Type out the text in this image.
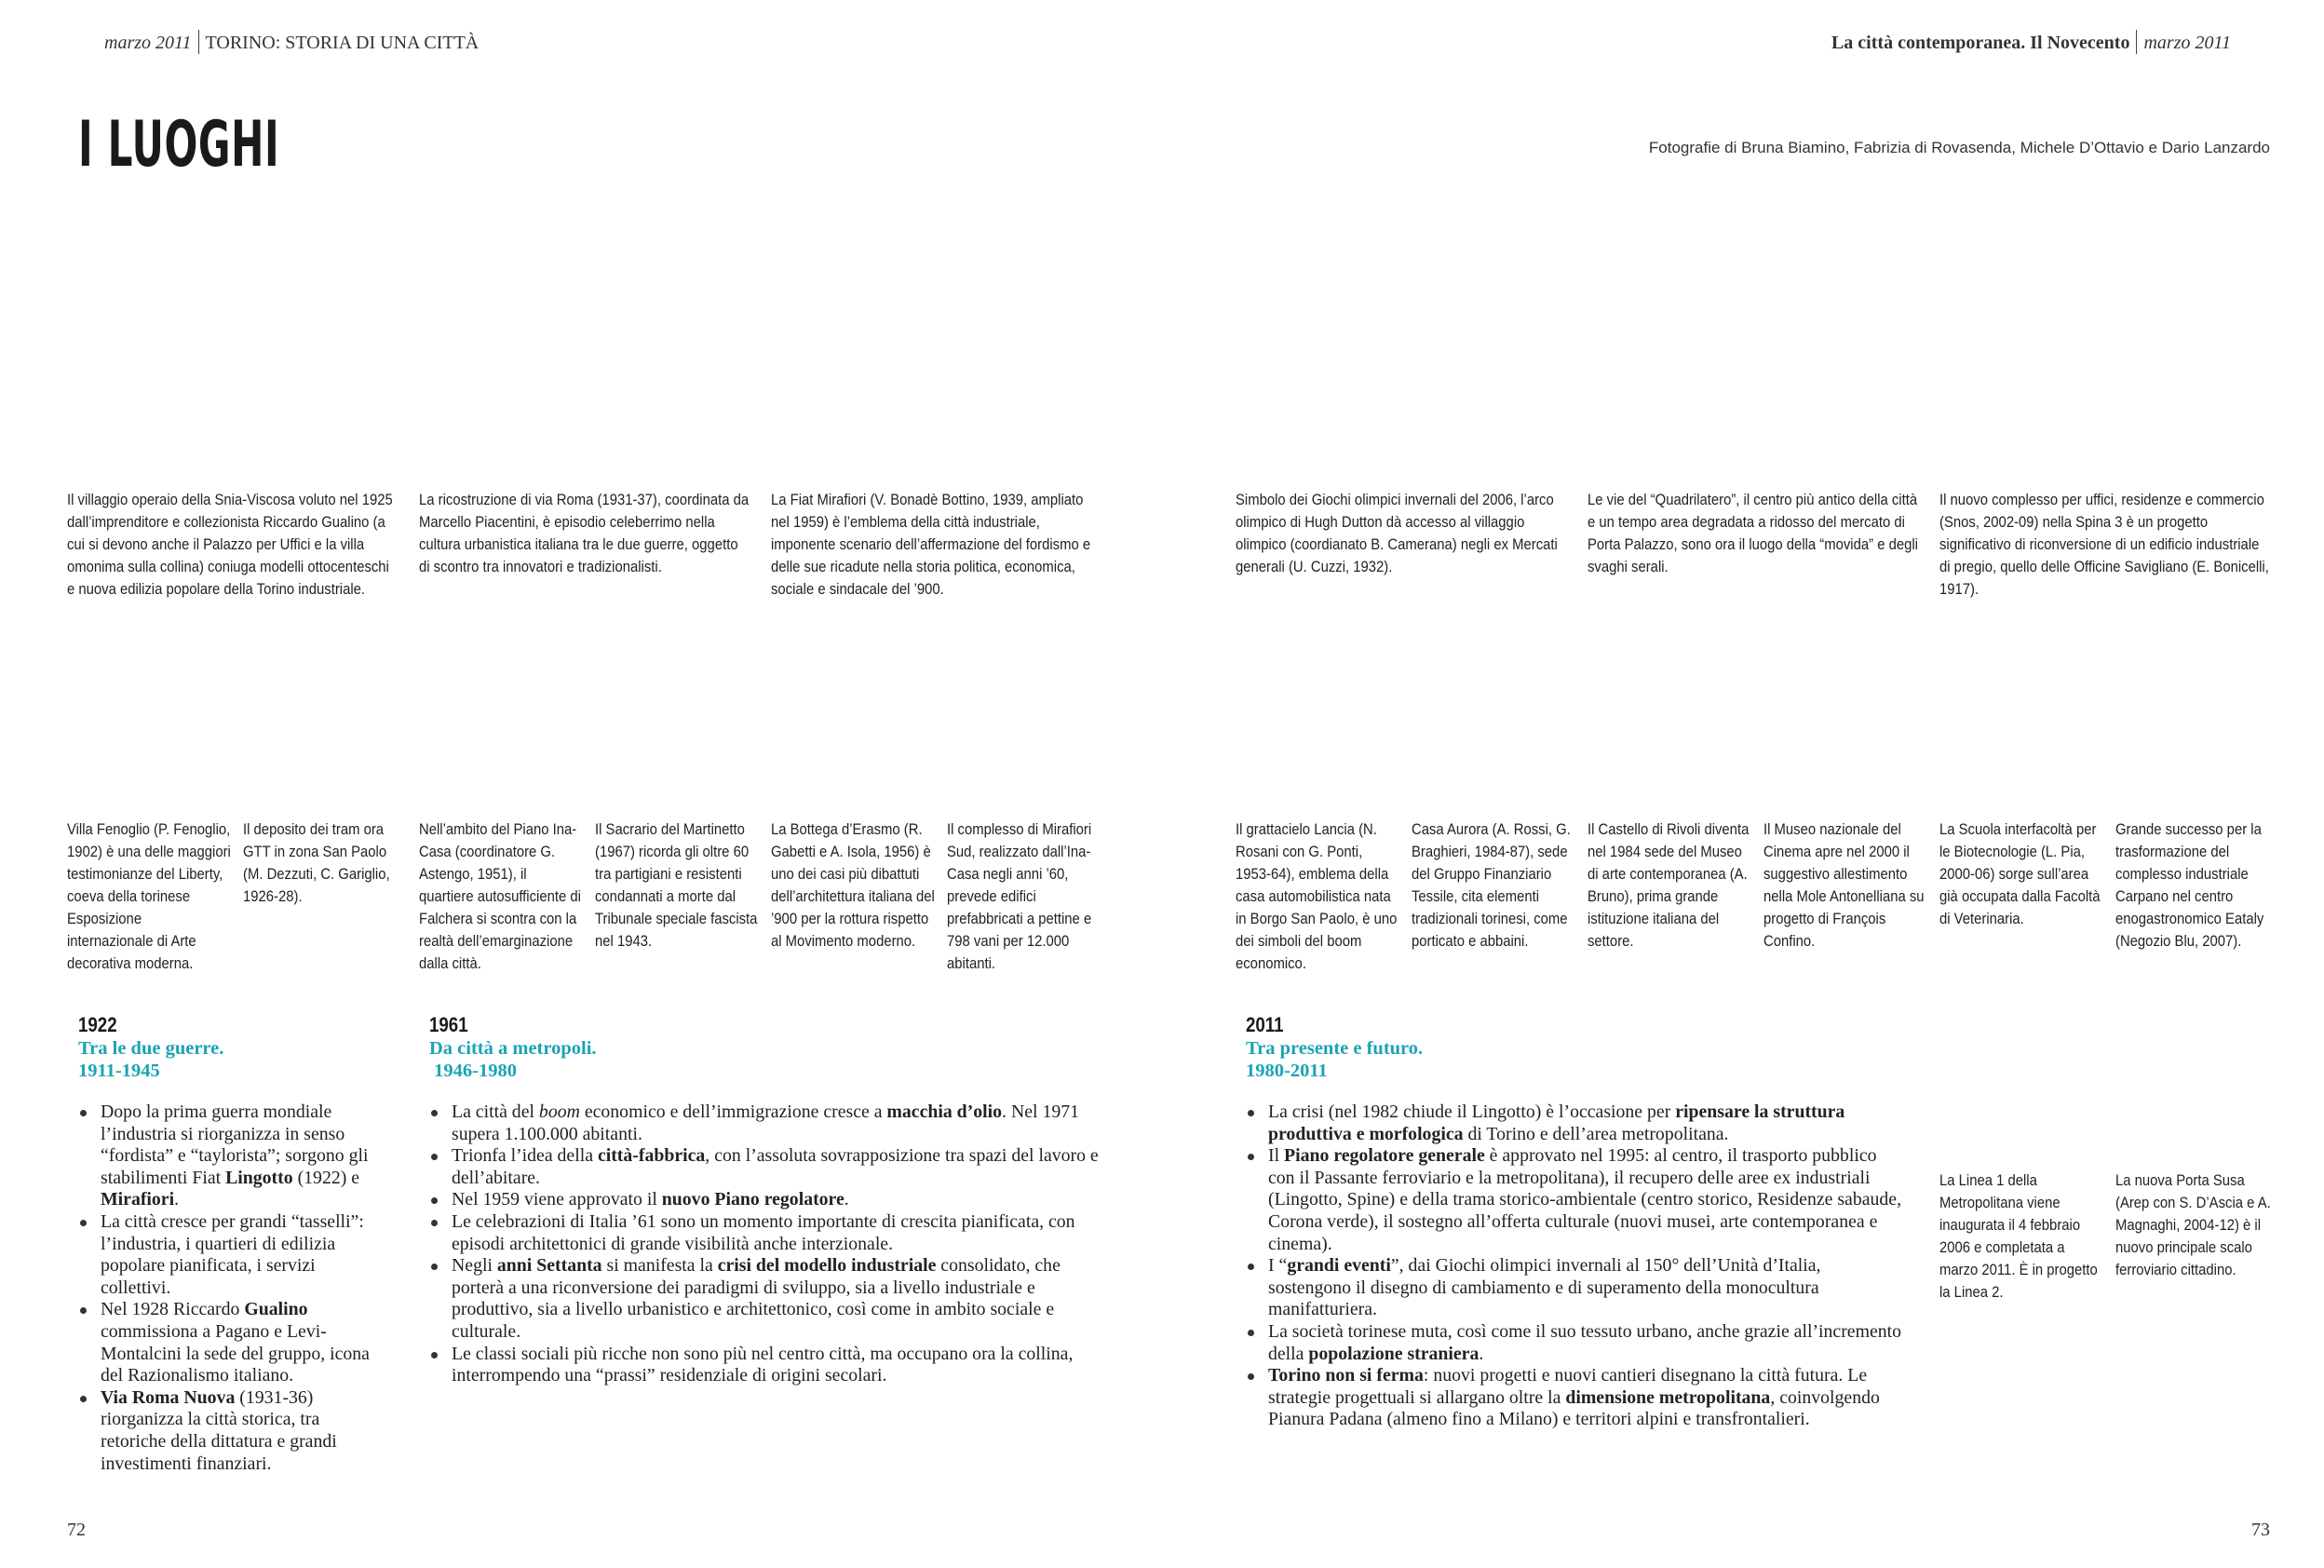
marzo 2011 TORINO: STORIA DI UNA CITTÀ	La città contemporanea. Il Novecento marzo 2011
I LUOGHI	Fotografie di Bruna Biamino, Fabrizia di Rovasenda, Michele D’Ottavio e Dario Lanzardo
Il villaggio operaio della Snia-Viscosa voluto nel 1925 dall’imprenditore e collezionista Riccardo Gualino (a cui si devono anche il Palazzo per Uffici e la villa omonima sulla collina) coniuga modelli ottocenteschi e nuova edilizia popolare della Torino industriale.
La ricostruzione di via Roma (1931-37), coordinata da Marcello Piacentini, è episodio celeberrimo nella cultura urbanistica italiana tra le due guerre, oggetto di scontro tra innovatori e tradizionalisti.
La Fiat Mirafiori (V. Bonadè Bottino, 1939, ampliato nel 1959) è l’emblema della città industriale, imponente scenario dell’affermazione del fordismo e delle sue ricadute nella storia politica, economica, sociale e sindacale del ’900.
Simbolo dei Giochi olimpici invernali del 2006, l’arco olimpico di Hugh Dutton dà accesso al villaggio olimpico (coordianato B. Camerana) negli ex Mercati generali (U. Cuzzi, 1932).
Le vie del “Quadrilatero”, il centro più antico della città e un tempo area degradata a ridosso del mercato di Porta Palazzo, sono ora il luogo della “movida” e degli svaghi serali.
Il nuovo complesso per uffici, residenze e commercio (Snos, 2002-09) nella Spina 3 è un progetto significativo di riconversione di un edificio industriale di pregio, quello delle Officine Savigliano (E. Bonicelli, 1917).
Villa Fenoglio (P. Fenoglio, 1902) è una delle maggiori testimonianze del Liberty, coeva della torinese Esposizione internazionale di Arte decorativa moderna.
Il deposito dei tram ora GTT in zona San Paolo (M. Dezzuti, C. Gariglio, 1926-28).
Nell’ambito del Piano Ina-Casa (coordinatore G. Astengo, 1951), il quartiere autosufficiente di Falchera si scontra con la realtà dell’emarginazione dalla città.
Il Sacrario del Martinetto (1967) ricorda gli oltre 60 tra partigiani e resistenti condannati a morte dal Tribunale speciale fascista nel 1943.
La Bottega d’Erasmo (R. Gabetti e A. Isola, 1956) è uno dei casi più dibattuti dell’architettura italiana del ’900 per la rottura rispetto al Movimento moderno.
Il complesso di Mirafiori Sud, realizzato dall’Ina-Casa negli anni ’60, prevede edifici prefabbricati a pettine e 798 vani per 12.000 abitanti.
Il grattacielo Lancia (N. Rosani con G. Ponti, 1953-64), emblema della casa automobilistica nata in Borgo San Paolo, è uno dei simboli del boom economico.
Casa Aurora (A. Rossi, G. Braghieri, 1984-87), sede del Gruppo Finanziario Tessile, cita elementi tradizionali torinesi, come porticato e abbaini.
Il Castello di Rivoli diventa nel 1984 sede del Museo di arte contemporanea (A. Bruno), prima grande istituzione italiana del settore.
Il Museo nazionale del Cinema apre nel 2000 il suggestivo allestimento nella Mole Antonelliana su progetto di François Confino.
La Scuola interfacoltà per le Biotecnologie (L. Pia, 2000-06) sorge sull’area già occupata dalla Facoltà di Veterinaria.
Grande successo per la trasformazione del complesso industriale Carpano nel centro enogastronomico Eataly (Negozio Blu, 2007).
La Linea 1 della Metropolitana viene inaugurata il 4 febbraio 2006 e completata a marzo 2011. È in progetto la Linea 2.
La nuova Porta Susa (Arep con S. D’Ascia e A. Magnaghi, 2004-12) è il nuovo principale scalo ferroviario cittadino.
1922
Tra le due guerre.
1911-1945
Dopo la prima guerra mondiale l’industria si riorganizza in senso “fordista” e “taylorista”; sorgono gli stabilimenti Fiat Lingotto (1922) e Mirafiori.
La città cresce per grandi “tasselli”: l’industria, i quartieri di edilizia popolare pianificata, i servizi collettivi.
Nel 1928 Riccardo Gualino commissiona a Pagano e Levi-Montalcini la sede del gruppo, icona del Razionalismo italiano.
Via Roma Nuova (1931-36) riorganizza la città storica, tra retoriche della dittatura e grandi investimenti finanziari.
1961
Da città a metropoli.
1946-1980
La città del boom economico e dell’immigrazione cresce a macchia d’olio. Nel 1971 supera 1.100.000 abitanti.
Trionfa l’idea della città-fabbrica, con l’assoluta sovrapposizione tra spazi del lavoro e dell’abitare.
Nel 1959 viene approvato il nuovo Piano regolatore.
Le celebrazioni di Italia ’61 sono un momento importante di crescita pianificata, con episodi architettonici di grande visibilità anche interzionale.
Negli anni Settanta si manifesta la crisi del modello industriale consolidato, che porterà a una riconversione dei paradigmi di sviluppo, sia a livello industriale e produttivo, sia a livello urbanistico e architettonico, così come in ambito sociale e culturale.
Le classi sociali più ricche non sono più nel centro città, ma occupano ora la collina, interrompendo una “prassi” residenziale di origini secolari.
2011
Tra presente e futuro.
1980-2011
La crisi (nel 1982 chiude il Lingotto) è l’occasione per ripensare la struttura produttiva e morfologica di Torino e dell’area metropolitana.
Il Piano regolatore generale è approvato nel 1995: al centro, il trasporto pubblico con il Passante ferroviario e la metropolitana), il recupero delle aree ex industriali (Lingotto, Spine) e della trama storico-ambientale (centro storico, Residenze sabaude, Corona verde), il sostegno all’offerta culturale (nuovi musei, arte contemporanea e cinema).
I “grandi eventi”, dai Giochi olimpici invernali al 150° dell’Unità d’Italia, sostengono il disegno di cambiamento e di superamento della monocultura manifatturiera.
La società torinese muta, così come il suo tessuto urbano, anche grazie all’incremento della popolazione straniera.
Torino non si ferma: nuovi progetti e nuovi cantieri disegnano la città futura. Le strategie progettuali si allargano oltre la dimensione metropolitana, coinvolgendo Pianura Padana (almeno fino a Milano) e territori alpini e transfrontalieri.
72	73
